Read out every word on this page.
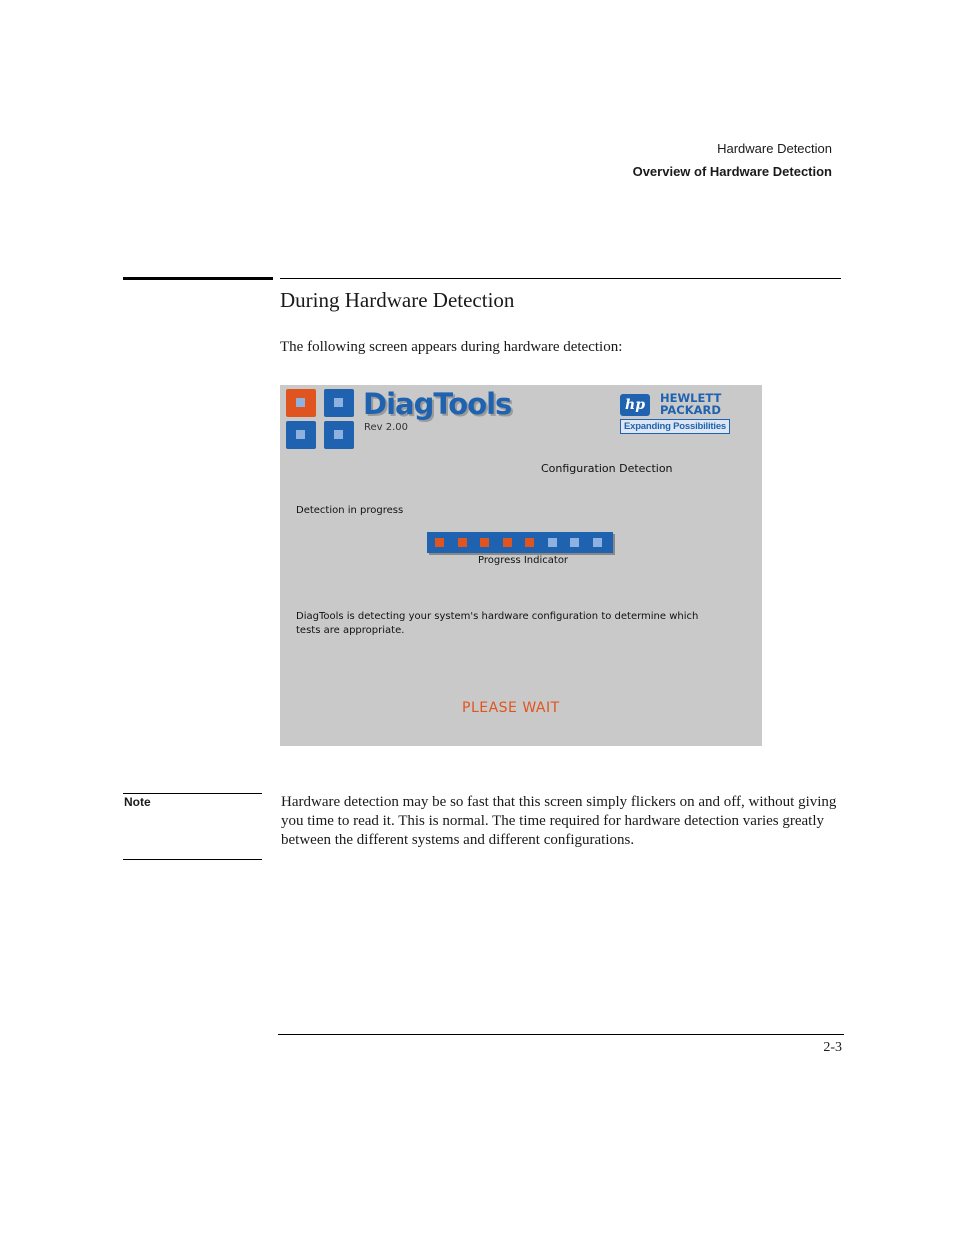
Hardware Detection
Overview of Hardware Detection
During Hardware Detection
The following screen appears during hardware detection:
DiagTools
Rev 2.00
hp	HEWLETT
PACKARD
Expanding Possibilities
Configuration Detection
Detection in progress
Progress Indicator
DiagTools is detecting your system's hardware configuration to determine which tests are appropriate.
PLEASE WAIT
Note	Hardware detection may be so fast that this screen simply flickers on and off, without giving you time to read it. This is normal. The time required for hardware detection varies greatly between the different systems and different configurations.
2-3
